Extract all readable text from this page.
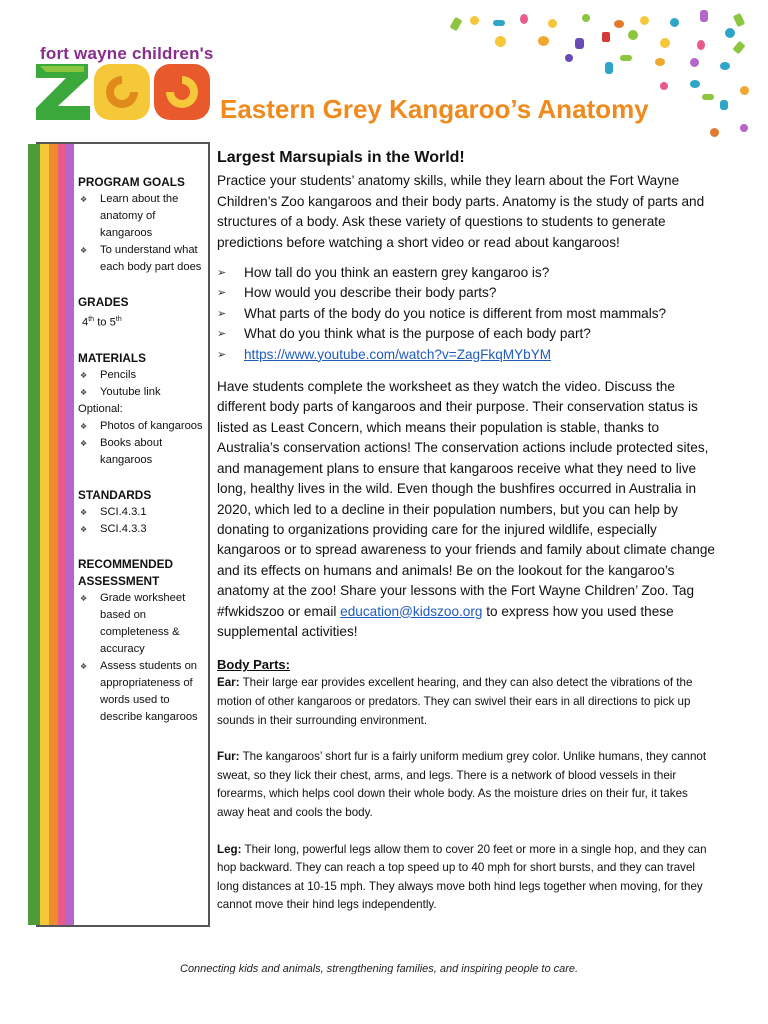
fort wayne children's
Eastern Grey Kangaroo’s Anatomy
PROGRAM GOALS
❖ Learn about the anatomy of kangaroos
❖ To understand what each body part does
GRADES
4th to 5th
MATERIALS
❖ Pencils
❖ Youtube link
Optional:
❖ Photos of kangaroos
❖ Books about kangaroos
STANDARDS
❖ SCI.4.3.1
❖ SCI.4.3.3
RECOMMENDED ASSESSMENT
❖ Grade worksheet based on completeness & accuracy
❖ Assess students on appropriateness of words used to describe kangaroos
Largest Marsupials in the World!

Practice your students’ anatomy skills, while they learn about the Fort Wayne Children’s Zoo kangaroos and their body parts. Anatomy is the study of parts and structures of a body. Ask these variety of questions to students to generate predictions before watching a short video or read about kangaroos!

➢ How tall do you think an eastern grey kangaroo is?
➢ How would you describe their body parts?
➢ What parts of the body do you notice is different from most mammals?
➢ What do you think what is the purpose of each body part?
➢ https://www.youtube.com/watch?v=ZagFkqMYbYM

Have students complete the worksheet as they watch the video. Discuss the different body parts of kangaroos and their purpose. Their conservation status is listed as Least Concern, which means their population is stable, thanks to Australia’s conservation actions! The conservation actions include protected sites, and management plans to ensure that kangaroos receive what they need to live long, healthy lives in the wild. Even though the bushfires occurred in Australia in 2020, which led to a decline in their population numbers, but you can help by donating to organizations providing care for the injured wildlife, especially kangaroos or to spread awareness to your friends and family about climate change and its effects on humans and animals! Be on the lookout for the kangaroo’s anatomy at the zoo! Share your lessons with the Fort Wayne Children’ Zoo. Tag #fwkidszoo or email education@kidszoo.org to express how you used these supplemental activities!

Body Parts:

Ear: Their large ear provides excellent hearing, and they can also detect the vibrations of the motion of other kangaroos or predators. They can swivel their ears in all directions to pick up sounds in their surrounding environment.

Fur: The kangaroos’ short fur is a fairly uniform medium grey color. Unlike humans, they cannot sweat, so they lick their chest, arms, and legs. There is a network of blood vessels in their forearms, which helps cool down their whole body. As the moisture dries on their fur, it takes away heat and cools the body.

Leg: Their long, powerful legs allow them to cover 20 feet or more in a single hop, and they can hop backward. They can reach a top speed up to 40 mph for short bursts, and they can travel long distances at 10-15 mph. They always move both hind legs together when moving, for they cannot move their hind legs independently.

Connecting kids and animals, strengthening families, and inspiring people to care.
